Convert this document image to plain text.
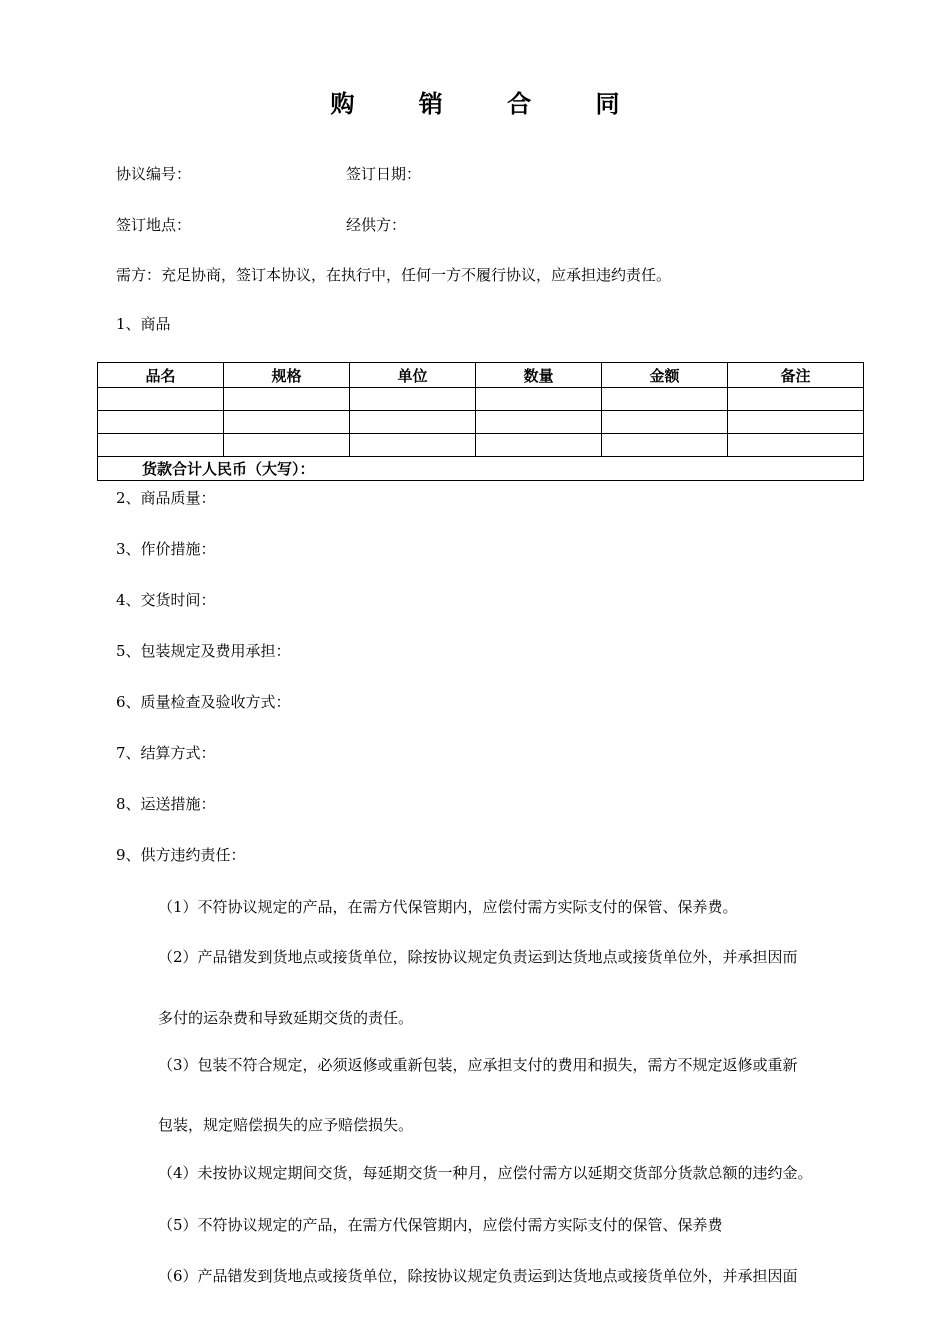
购 销 合 同
协议编号：	签订日期：
签订地点：	经供方：
需方：充足协商，签订本协议，在执行中，任何一方不履行协议，应承担违约责任。
1、商品
品名	规格	单位	数量	金额	备注

货款合计人民币（大写）：					
2、商品质量：
3、作价措施：
4、交货时间：
5、包装规定及费用承担：
6、质量检查及验收方式：
7、结算方式：
8、运送措施：
9、供方违约责任：
（1）不符协议规定的产品，在需方代保管期内，应偿付需方实际支付的保管、保养费。
（2）产品错发到货地点或接货单位，除按协议规定负责运到达货地点或接货单位外，并承担因而
多付的运杂费和导致延期交货的责任。
（3）包装不符合规定，必须返修或重新包装，应承担支付的费用和损失，需方不规定返修或重新
包装，规定赔偿损失的应予赔偿损失。
（4）未按协议规定期间交货，每延期交货一种月，应偿付需方以延期交货部分货款总额的违约金。
（5）不符协议规定的产品，在需方代保管期内，应偿付需方实际支付的保管、保养费
（6）产品错发到货地点或接货单位，除按协议规定负责运到达货地点或接货单位外，并承担因面
